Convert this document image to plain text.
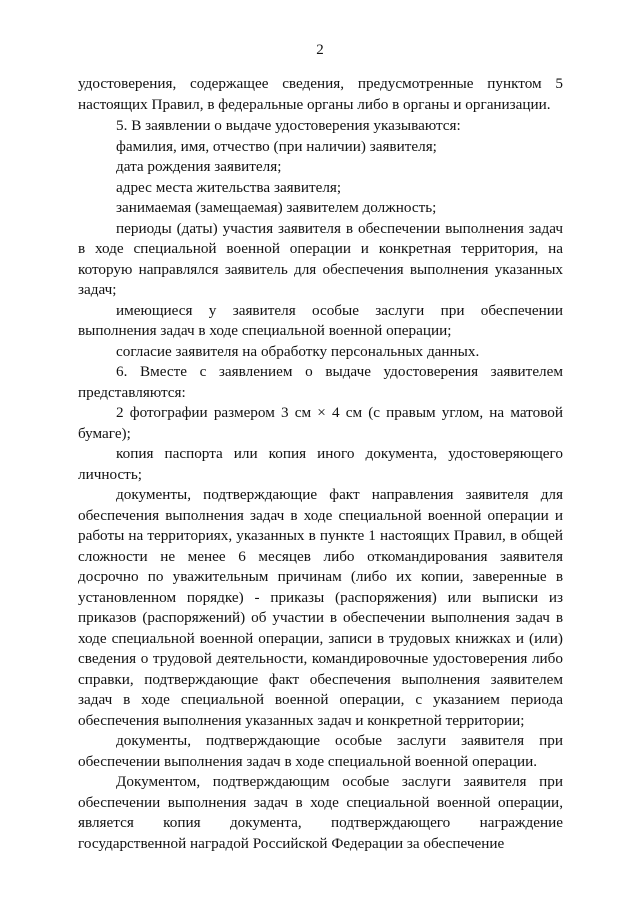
2

удостоверения, содержащее сведения, предусмотренные пунктом 5 настоящих Правил, в федеральные органы либо в органы и организации.

5. В заявлении о выдаче удостоверения указываются:

фамилия, имя, отчество (при наличии) заявителя;

дата рождения заявителя;

адрес места жительства заявителя;

занимаемая (замещаемая) заявителем должность;

периоды (даты) участия заявителя в обеспечении выполнения задач в ходе специальной военной операции и конкретная территория, на которую направлялся заявитель для обеспечения выполнения указанных задач;

имеющиеся у заявителя особые заслуги при обеспечении выполнения задач в ходе специальной военной операции;

согласие заявителя на обработку персональных данных.

6. Вместе с заявлением о выдаче удостоверения заявителем представляются:

2 фотографии размером 3 см × 4 см (с правым углом, на матовой бумаге);

копия паспорта или копия иного документа, удостоверяющего личность;

документы, подтверждающие факт направления заявителя для обеспечения выполнения задач в ходе специальной военной операции и работы на территориях, указанных в пункте 1 настоящих Правил, в общей сложности не менее 6 месяцев либо откомандирования заявителя досрочно по уважительным причинам (либо их копии, заверенные в установленном порядке) - приказы (распоряжения) или выписки из приказов (распоряжений) об участии в обеспечении выполнения задач в ходе специальной военной операции, записи в трудовых книжках и (или) сведения о трудовой деятельности, командировочные удостоверения либо справки, подтверждающие факт обеспечения выполнения заявителем задач в ходе специальной военной операции, с указанием периода обеспечения выполнения указанных задач и конкретной территории;

документы, подтверждающие особые заслуги заявителя при обеспечении выполнения задач в ходе специальной военной операции.

Документом, подтверждающим особые заслуги заявителя при обеспечении выполнения задач в ходе специальной военной операции, является копия документа, подтверждающего награждение государственной наградой Российской Федерации за обеспечение
